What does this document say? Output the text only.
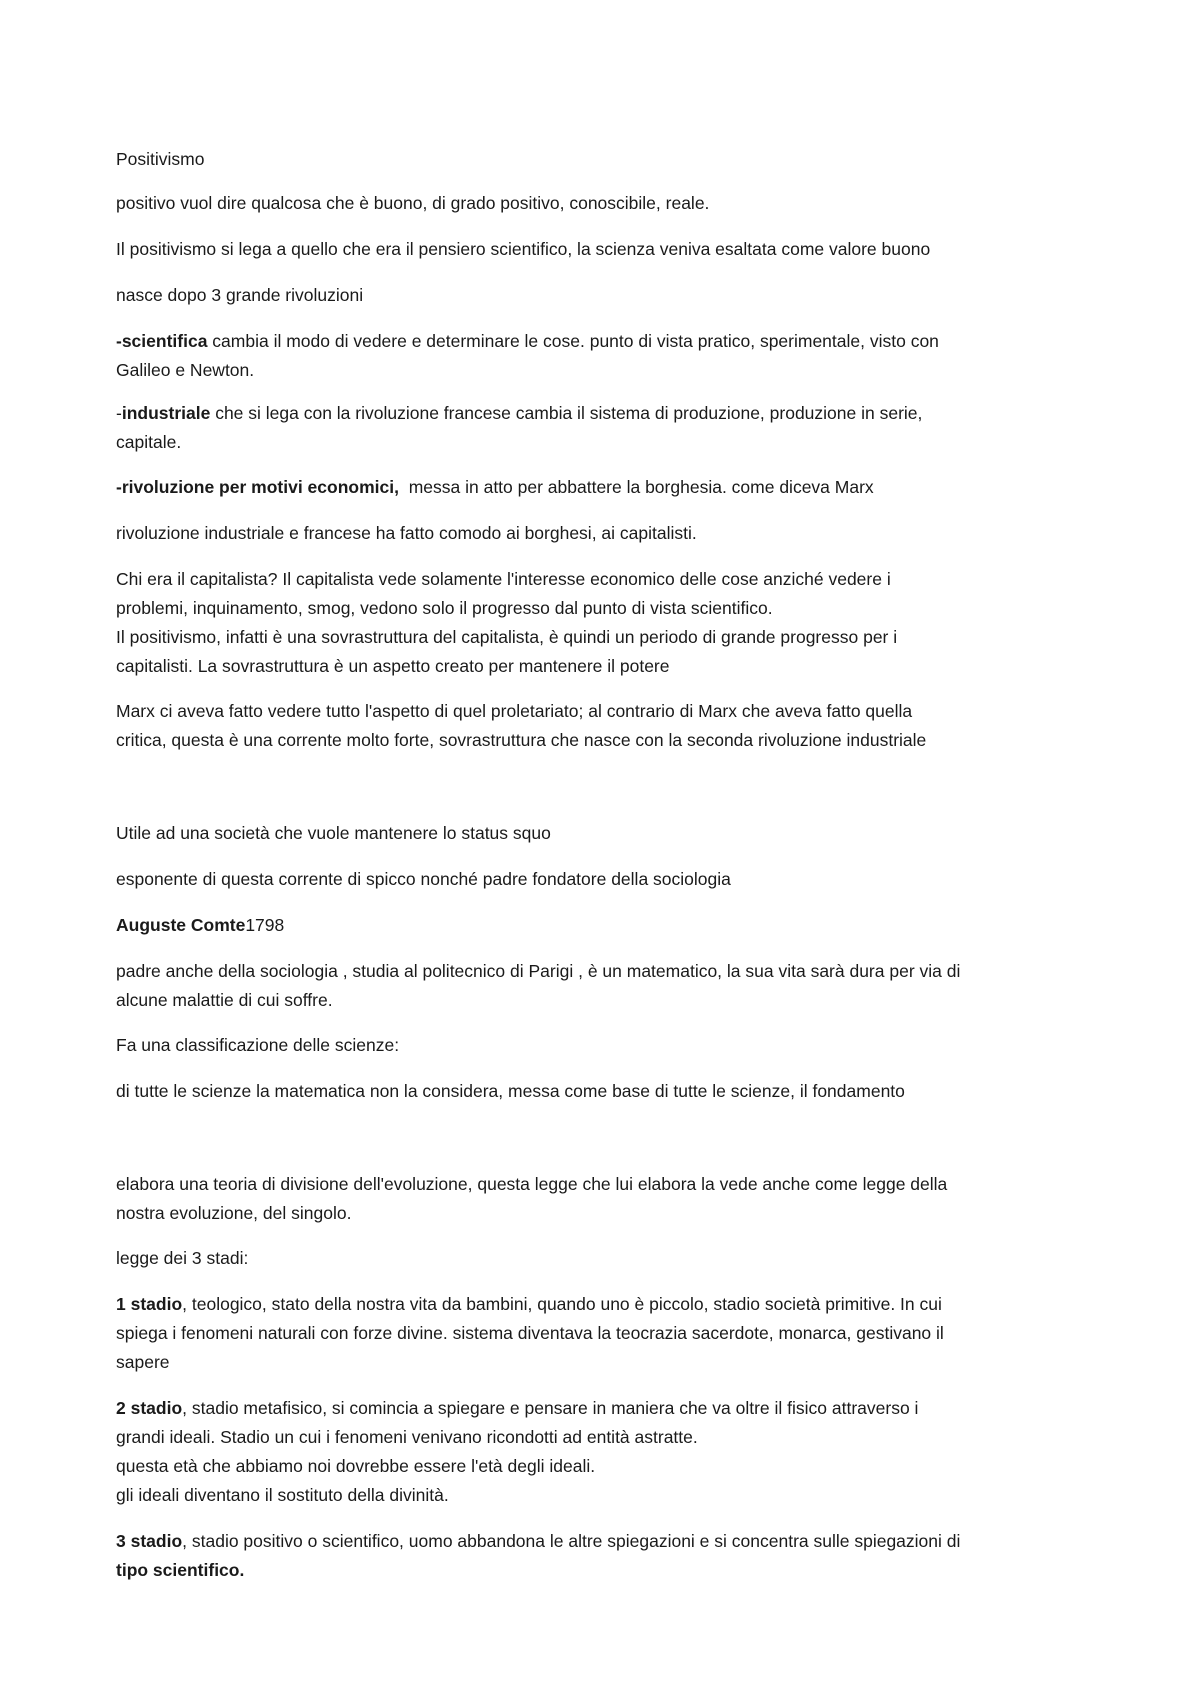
Positivismo
positivo vuol dire qualcosa che è buono, di grado positivo, conoscibile, reale.
Il positivismo si lega a quello che era il pensiero scientifico, la scienza veniva esaltata come valore buono
nasce dopo 3 grande rivoluzioni
-scientifica cambia il modo di vedere e determinare le cose. punto di vista pratico, sperimentale, visto con
Galileo e Newton.
-industriale che si lega con la rivoluzione francese cambia il sistema di produzione, produzione in serie,
capitale.
-rivoluzione per motivi economici,  messa in atto per abbattere la borghesia. come diceva Marx
rivoluzione industriale e francese ha fatto comodo ai borghesi, ai capitalisti.
Chi era il capitalista? Il capitalista vede solamente l'interesse economico delle cose anziché vedere i
problemi, inquinamento, smog, vedono solo il progresso dal punto di vista scientifico.
Il positivismo, infatti è una sovrastruttura del capitalista, è quindi un periodo di grande progresso per i
capitalisti. La sovrastruttura è un aspetto creato per mantenere il potere
Marx ci aveva fatto vedere tutto l'aspetto di quel proletariato; al contrario di Marx che aveva fatto quella
critica, questa è una corrente molto forte, sovrastruttura che nasce con la seconda rivoluzione industriale
Utile ad una società che vuole mantenere lo status squo
esponente di questa corrente di spicco nonché padre fondatore della sociologia
Auguste Comte1798
padre anche della sociologia , studia al politecnico di Parigi , è un matematico, la sua vita sarà dura per via di
alcune malattie di cui soffre.
Fa una classificazione delle scienze:
di tutte le scienze la matematica non la considera, messa come base di tutte le scienze, il fondamento
elabora una teoria di divisione dell'evoluzione, questa legge che lui elabora la vede anche come legge della
nostra evoluzione, del singolo.
legge dei 3 stadi:
1 stadio, teologico, stato della nostra vita da bambini, quando uno è piccolo, stadio società primitive. In cui
spiega i fenomeni naturali con forze divine. sistema diventava la teocrazia sacerdote, monarca, gestivano il
sapere
2 stadio, stadio metafisico, si comincia a spiegare e pensare in maniera che va oltre il fisico attraverso i
grandi ideali. Stadio un cui i fenomeni venivano ricondotti ad entità astratte.
questa età che abbiamo noi dovrebbe essere l'età degli ideali.
gli ideali diventano il sostituto della divinità.
3 stadio, stadio positivo o scientifico, uomo abbandona le altre spiegazioni e si concentra sulle spiegazioni di
tipo scientifico.
